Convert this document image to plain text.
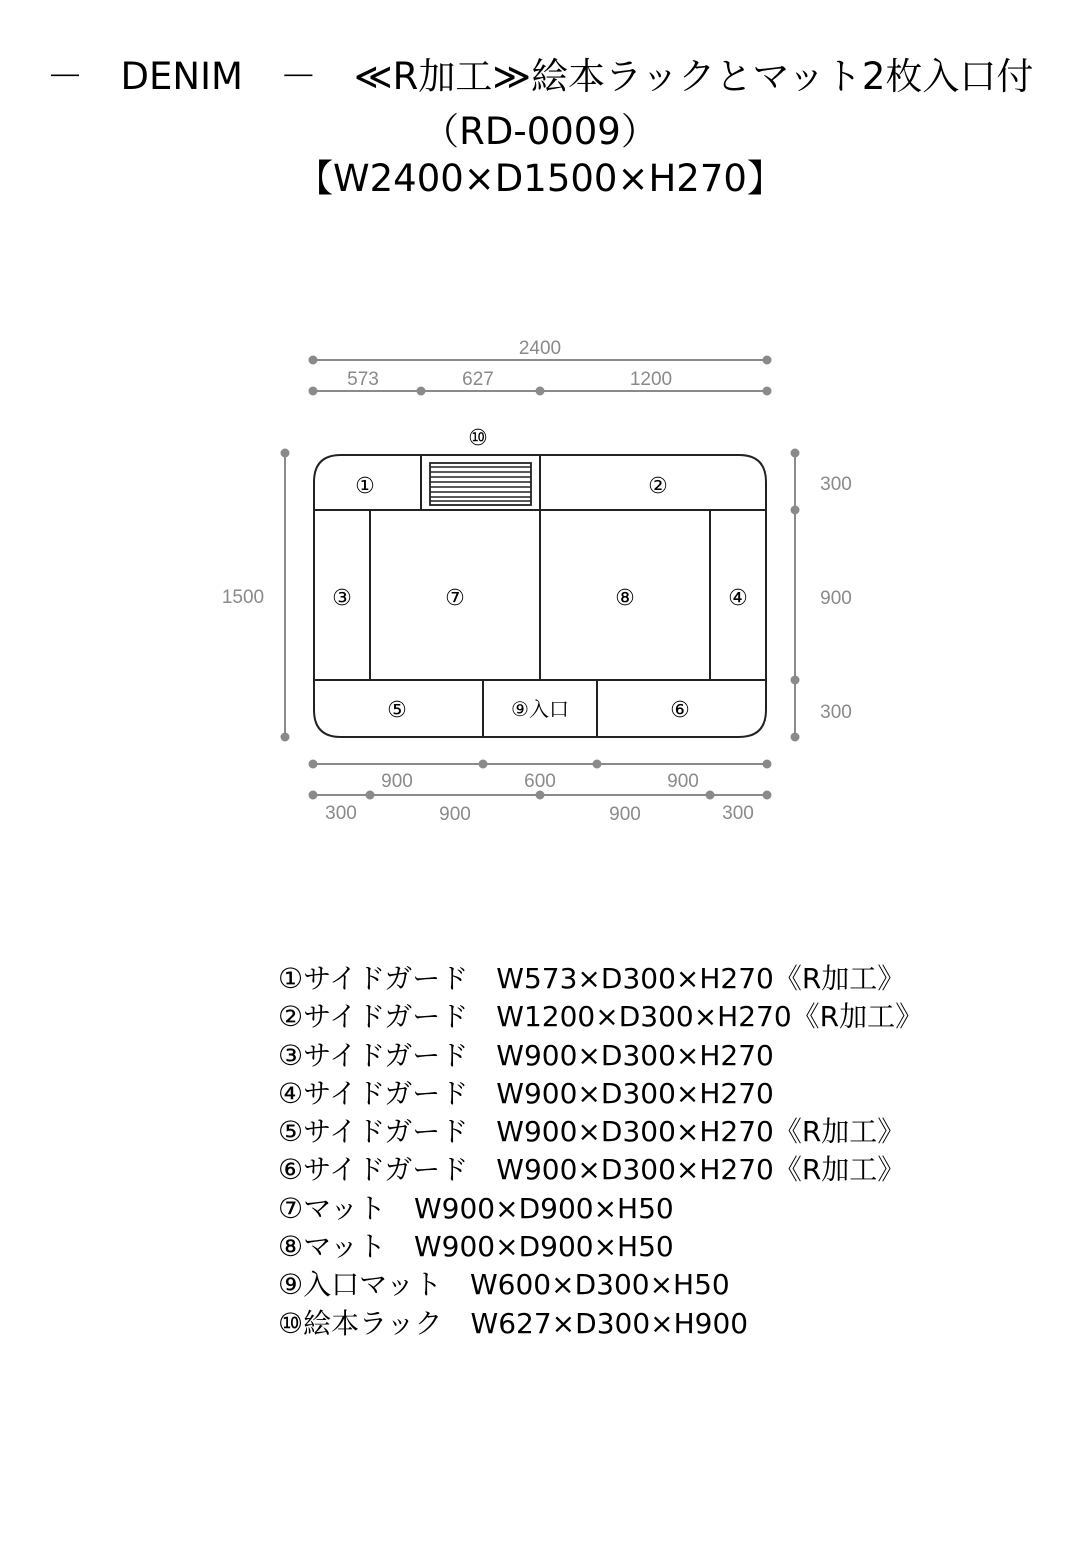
－　DENIM　－　≪R加工≫絵本ラックとマット2枚入口付
（RD-0009）
【W2400×D1500×H270】
2400
573	627	1200
1500
300
900
300
900	600	900
300	900	900	300
①	②
③	④
⑦	⑧
⑤	⑥
⑨入口
⑩
①サイドガード　W573×D300×H270《R加工》
②サイドガード　W1200×D300×H270《R加工》
③サイドガード　W900×D300×H270
④サイドガード　W900×D300×H270
⑤サイドガード　W900×D300×H270《R加工》
⑥サイドガード　W900×D300×H270《R加工》
⑦マット　W900×D900×H50
⑧マット　W900×D900×H50
⑨入口マット　W600×D300×H50
⑩絵本ラック　W627×D300×H900
